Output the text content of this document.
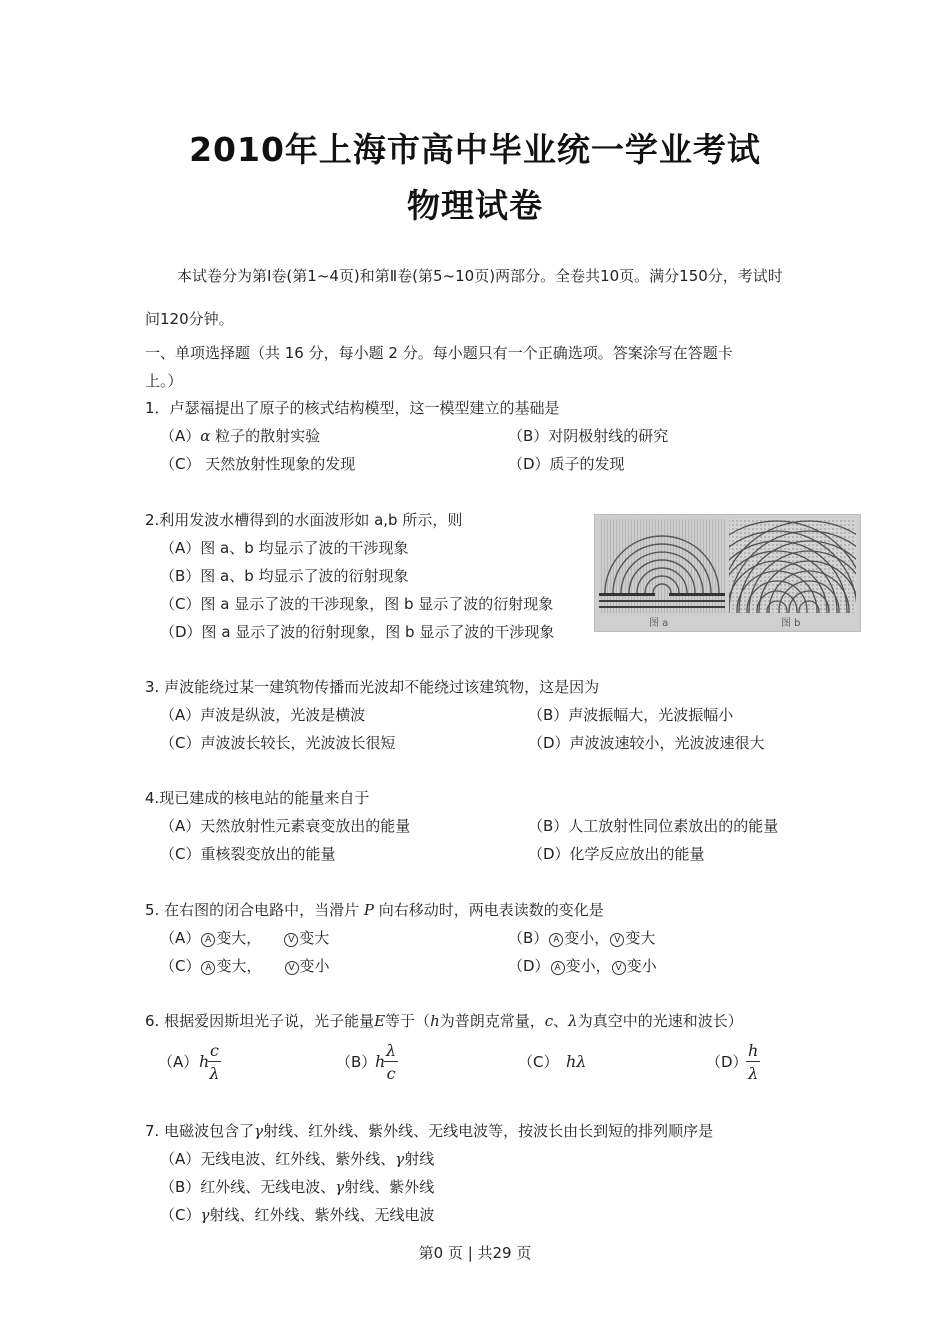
2010年上海市高中毕业统一学业考试
物理试卷
本试卷分为第Ⅰ卷(第1~4页)和第Ⅱ卷(第5~10页)两部分。全卷共10页。满分150分，考试时
问120分钟。
一、单项选择题（共 16 分，每小题 2 分。每小题只有一个正确选项。答案涂写在答题卡
上。）
1．卢瑟福提出了原子的核式结构模型，这一模型建立的基础是
（A）α 粒子的散射实验	（B）对阴极射线的研究
（C） 天然放射性现象的发现	（D）质子的发现
2.利用发波水槽得到的水面波形如 a,b 所示，则
（A）图 a、b 均显示了波的干涉现象
（B）图 a、b 均显示了波的衍射现象
（C）图 a 显示了波的干涉现象，图 b 显示了波的衍射现象
（D）图 a 显示了波的衍射现象，图 b 显示了波的干涉现象	图 a	图 b
3. 声波能绕过某一建筑物传播而光波却不能绕过该建筑物，这是因为
（A）声波是纵波，光波是横波	（B）声波振幅大，光波振幅小
（C）声波波长较长，光波波长很短	（D）声波波速较小，光波波速很大
4.现已建成的核电站的能量来自于
（A）天然放射性元素衰变放出的能量	（B）人工放射性同位素放出的的能量
（C）重核裂变放出的能量	（D）化学反应放出的能量
5. 在右图的闭合电路中，当滑片 P 向右移动时，两电表读数的变化是
（A） A 变大，	V 变大	（B） A 变小， V 变大
（C） A 变大，	V 变小	（D） A 变小， V 变小
6. 根据爱因斯坦光子说，光子能量E等于（h为普朗克常量，c、λ为真空中的光速和波长）
（A） h
$\frac{c}{\lambda}$	（B）
h
$\frac{\lambda}{c}$	（C） hλ	（D）
$\frac{h}{\lambda}$
7. 电磁波包含了γ射线、红外线、紫外线、无线电波等，按波长由长到短的排列顺序是
（A）无线电波、红外线、紫外线、γ射线
（B）红外线、无线电波、γ射线、紫外线
（C）γ射线、红外线、紫外线、无线电波
第0 页 | 共29 页
